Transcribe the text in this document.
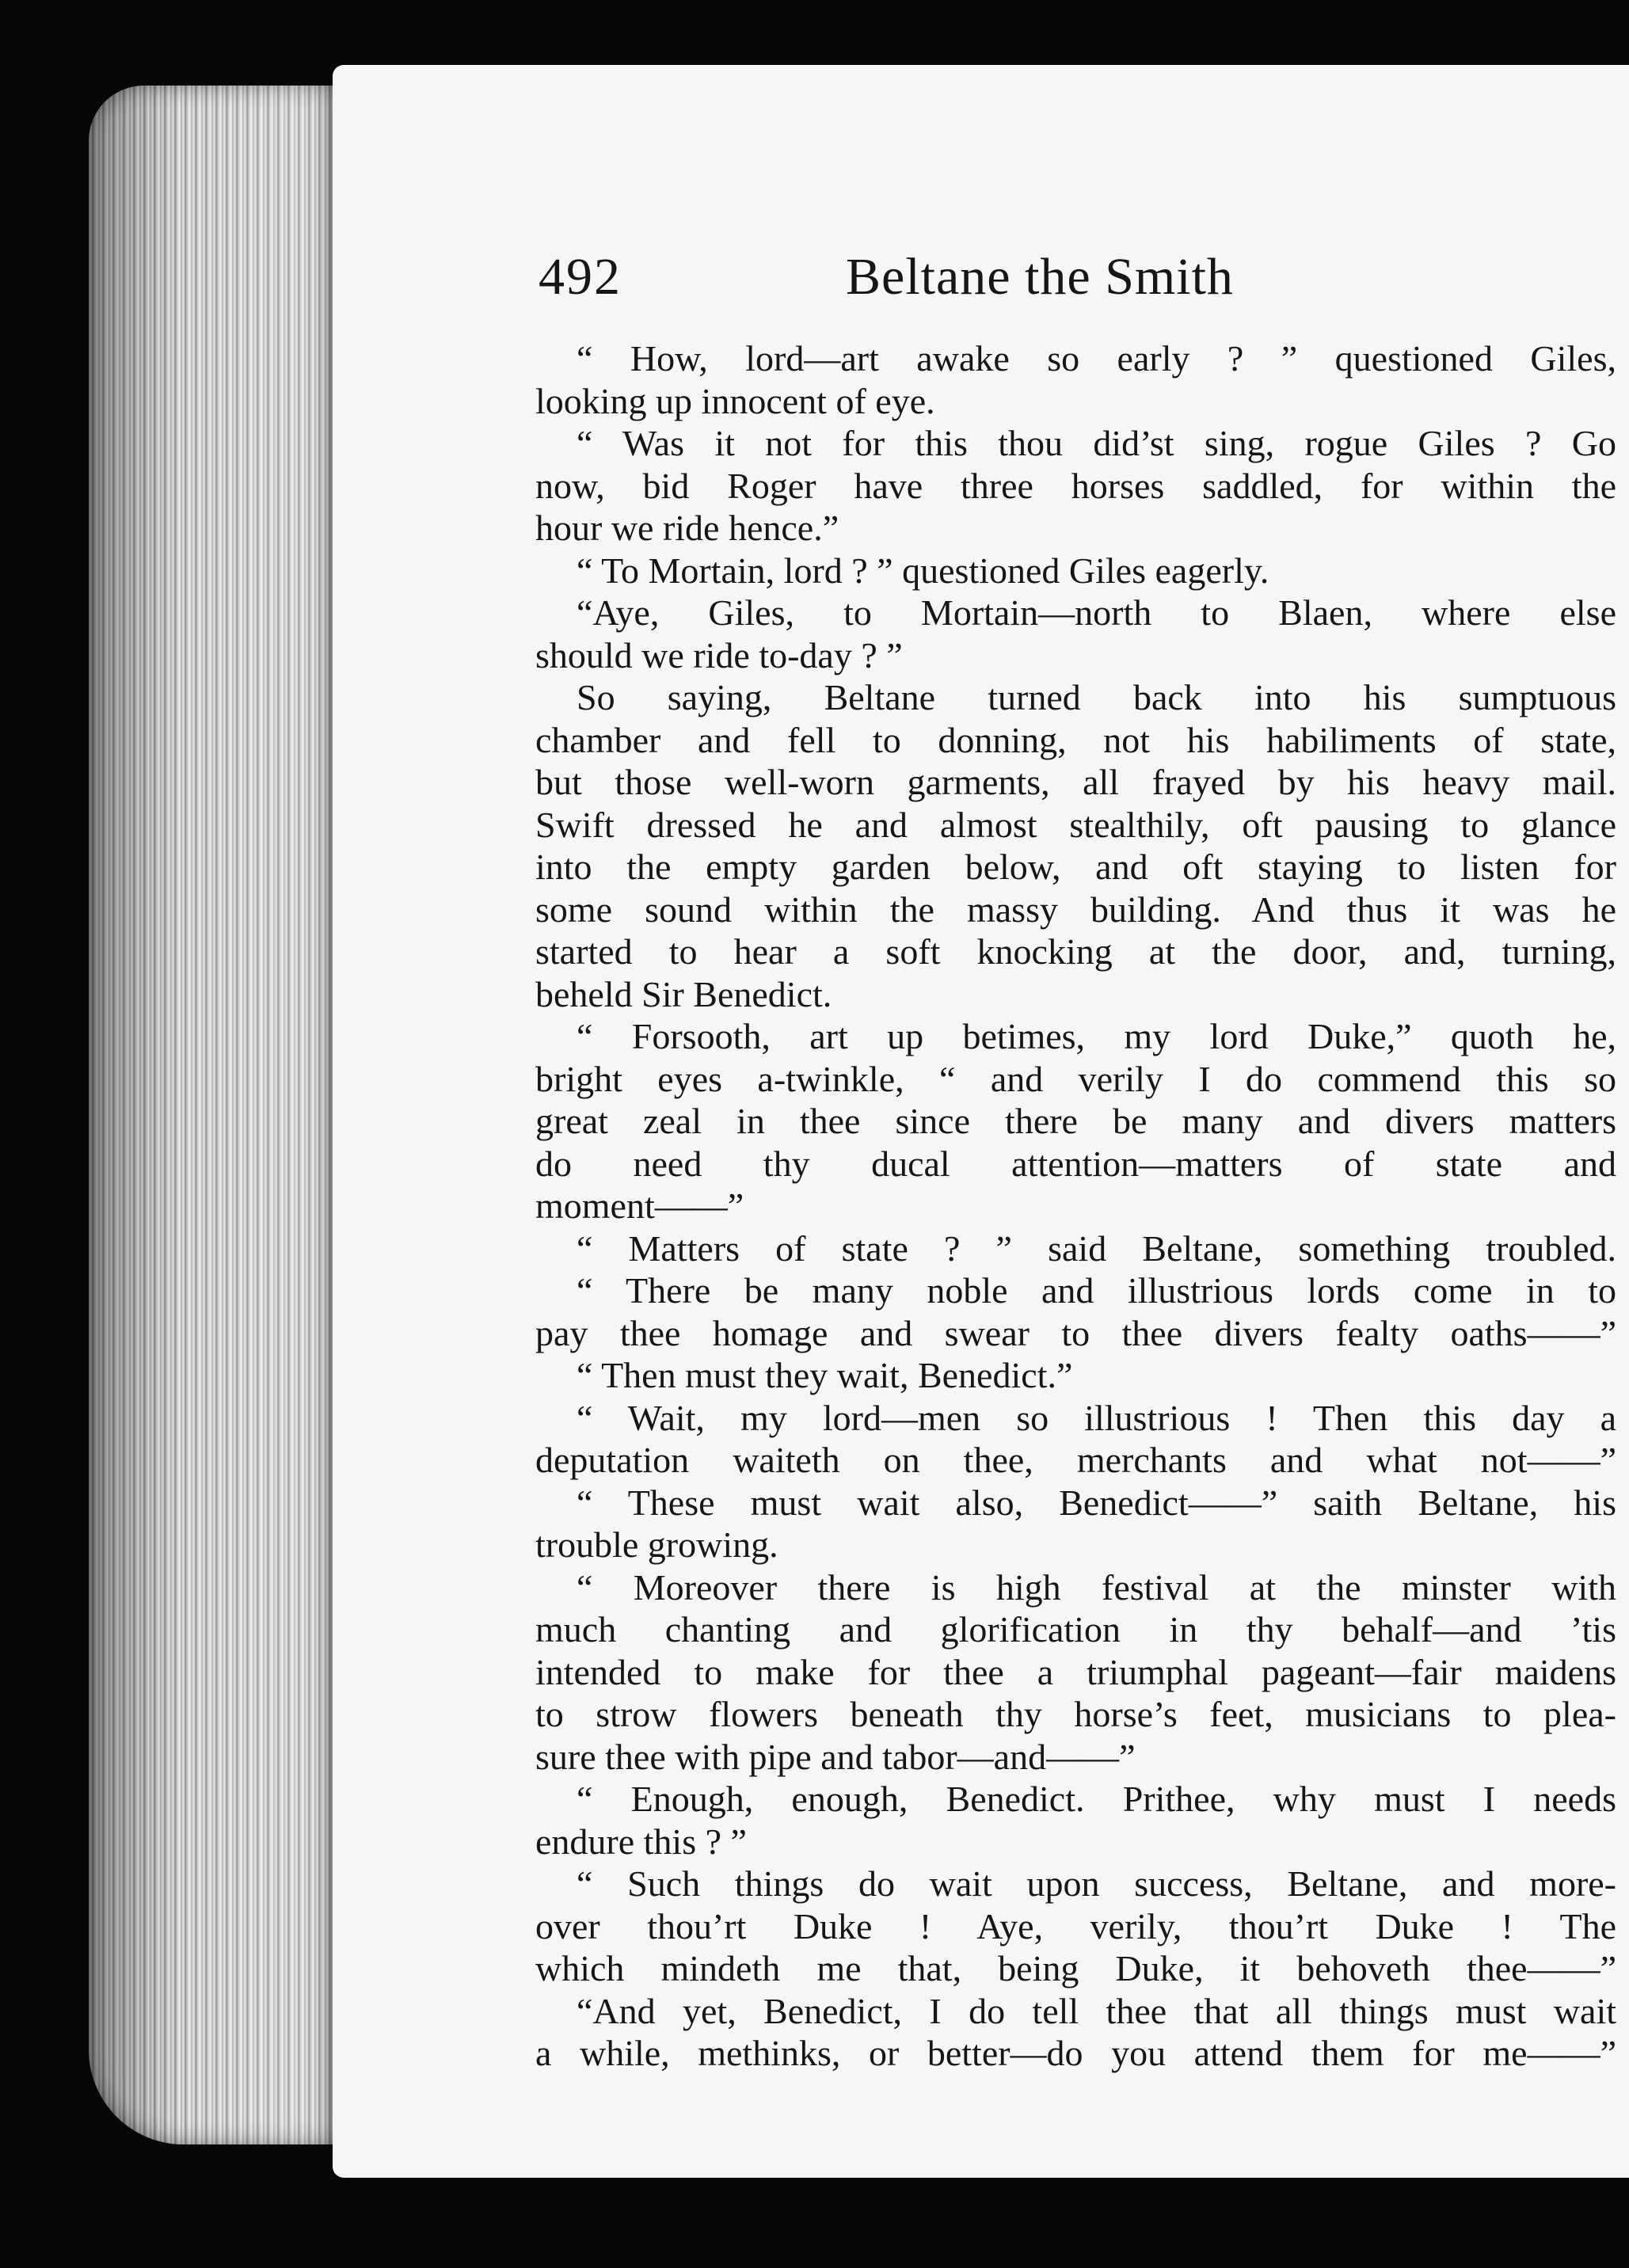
492	Beltane the Smith
“ How, lord—art awake so early ? ” questioned Giles,
looking up innocent of eye.
“ Was it not for this thou did’st sing, rogue Giles ? Go
now, bid Roger have three horses saddled, for within the
hour we ride hence.”
“ To Mortain, lord ? ” questioned Giles eagerly.
“Aye, Giles, to Mortain—north to Blaen, where else
should we ride to-day ? ”
So saying, Beltane turned back into his sumptuous
chamber and fell to donning, not his habiliments of state,
but those well-worn garments, all frayed by his heavy mail.
Swift dressed he and almost stealthily, oft pausing to glance
into the empty garden below, and oft staying to listen for
some sound within the massy building. And thus it was he
started to hear a soft knocking at the door, and, turning,
beheld Sir Benedict.
“ Forsooth, art up betimes, my lord Duke,” quoth he,
bright eyes a-twinkle, “ and verily I do commend this so
great zeal in thee since there be many and divers matters
do need thy ducal attention—matters of state and
moment——”
“ Matters of state ? ” said Beltane, something troubled.
“ There be many noble and illustrious lords come in to
pay thee homage and swear to thee divers fealty oaths——”
“ Then must they wait, Benedict.”
“ Wait, my lord—men so illustrious ! Then this day a
deputation waiteth on thee, merchants and what not——”
“ These must wait also, Benedict——” saith Beltane, his
trouble growing.
“ Moreover there is high festival at the minster with
much chanting and glorification in thy behalf—and ’tis
intended to make for thee a triumphal pageant—fair maidens
to strow flowers beneath thy horse’s feet, musicians to plea-
sure thee with pipe and tabor—and——”
“ Enough, enough, Benedict. Prithee, why must I needs
endure this ? ”
“ Such things do wait upon success, Beltane, and more-
over thou’rt Duke ! Aye, verily, thou’rt Duke ! The
which mindeth me that, being Duke, it behoveth thee——”
“And yet, Benedict, I do tell thee that all things must wait
a while, methinks, or better—do you attend them for me——”
